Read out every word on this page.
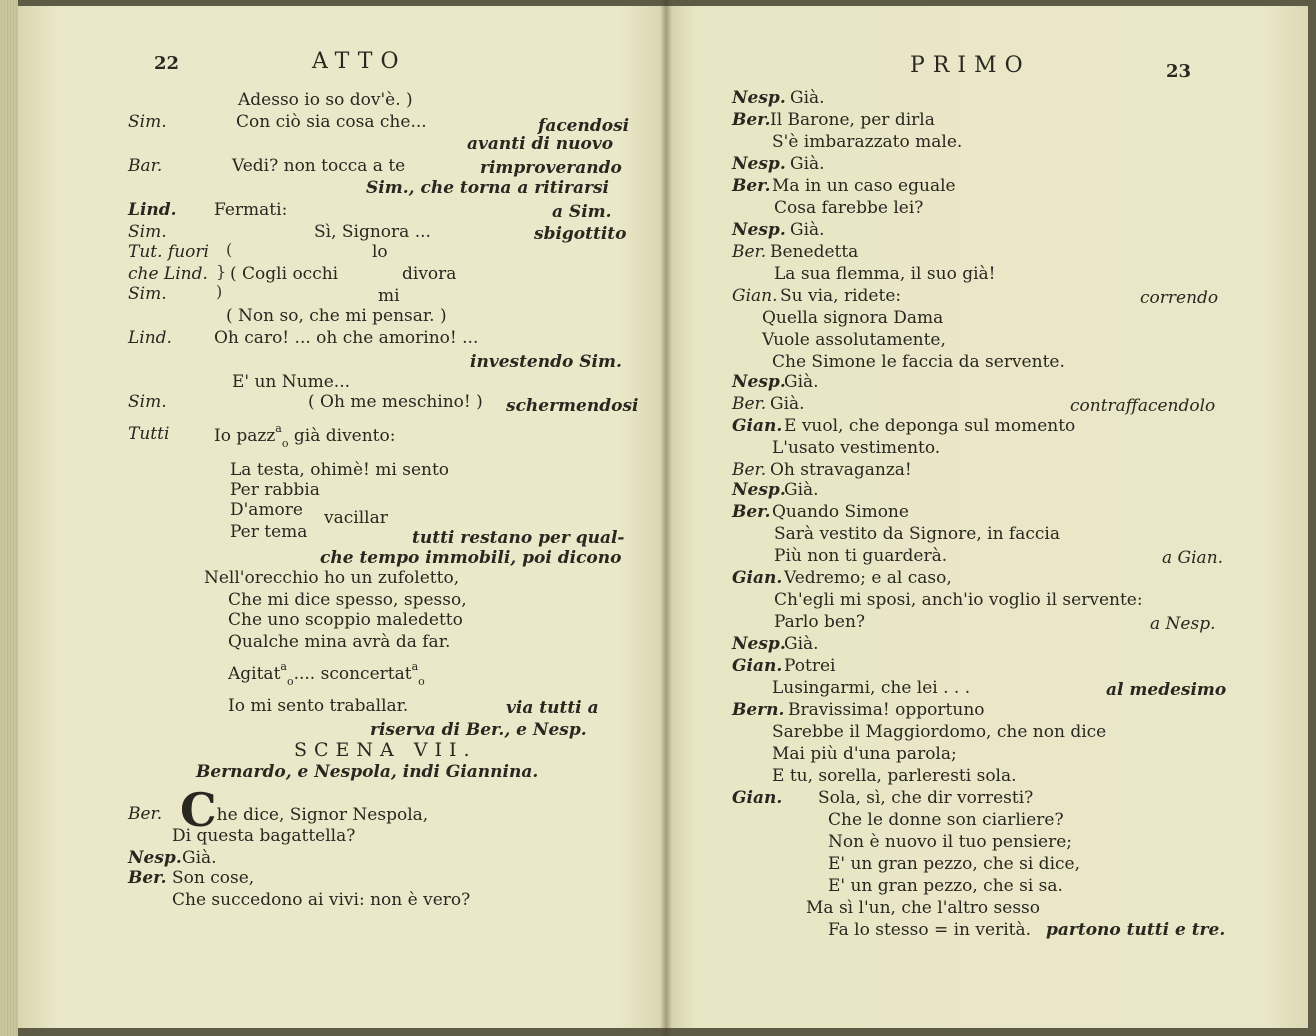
22	ATTO
Adesso io so dov'è. )
Sim.	Con ciò sia cosa che...	facendosi
avanti di nuovo
Bar.	Vedi? non tocca a te	rimproverando
Sim., che torna a ritirarsi
Lind. Fermati:	a Sim.
Sim.	Sì, Signora ...	sbigottito
Tut. fuori (	lo
che Lind. } ( Cogli occhi	divora
Sim.	)	mi
( Non so, che mi pensar. )
Lind. Oh caro! ... oh che amorino! ...
investendo Sim.
E' un Nume...
Sim.	( Oh me meschino! ) schermendosi
Tutti	Io pazz$^a_o$ già divento:
La testa, ohimè! mi sento
Per rabbia
D'amore vacillar
Per tema	tutti restano per qual-
che tempo immobili, poi dicono
Nell'orecchio ho un zufoletto,
Che mi dice spesso, spesso,
Che uno scoppio maledetto
Qualche mina avrà da far.
Agitat$^a_o$.... sconcertat$^a_o$
Io mi sento traballar.	via tutti a
riserva di Ber., e Nesp.
SCENA VII.
Bernardo, e Nespola, indi Giannina.
Ber. Che dice, Signor Nespola,
Di questa bagattella?
Nesp. Già.
Ber. Son cose,
Che succedono ai vivi: non è vero?
PRIMO	23
Nesp. Già.
Ber. Il Barone, per dirla
S'è imbarazzato male.
Nesp. Già.
Ber. Ma in un caso eguale
Cosa farebbe lei?
Nesp. Già.
Ber. Benedetta
La sua flemma, il suo già!
Gian. Su via, ridete:	correndo
Quella signora Dama
Vuole assolutamente,
Che Simone le faccia da servente.
Nesp.
Già.
Ber. Già.	contraffacendolo
Gian. E vuol, che deponga sul momento
L'usato vestimento.
Ber. Oh stravaganza!
Nesp.
Già.
Ber. Quando Simone
Sarà vestito da Signore, in faccia
Più non ti guarderà.	a Gian.
Gian. Vedremo; e al caso,
Ch'egli mi sposi, anch'io voglio il servente:
Parlo ben?	a Nesp.
Nesp.
Già.
Gian. Potrei
Lusingarmi, che lei . . .	al medesimo
Bern. Bravissima! opportuno
Sarebbe il Maggiordomo, che non dice
Mai più d'una parola;
E tu, sorella, parleresti sola.
Gian. Sola, sì, che dir vorresti?
Che le donne son ciarliere?
Non è nuovo il tuo pensiere;
E' un gran pezzo, che si dice,
E' un gran pezzo, che si sa.
Ma sì l'un, che l'altro sesso
Fa lo stesso = in verità. partono tutti e tre.
